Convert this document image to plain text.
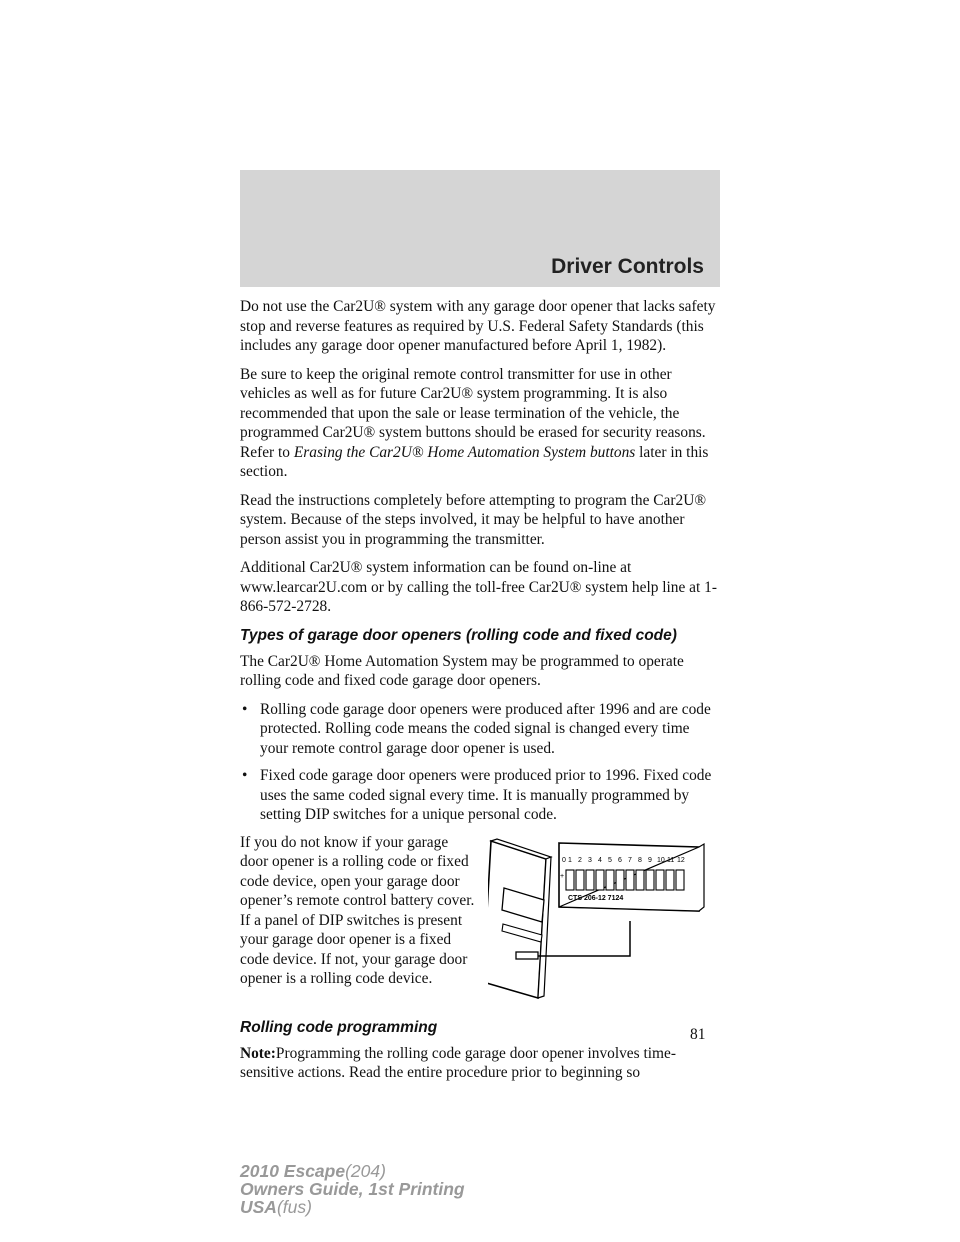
Driver Controls

Do not use the Car2U® system with any garage door opener that lacks safety stop and reverse features as required by U.S. Federal Safety Standards (this includes any garage door opener manufactured before April 1, 1982).

Be sure to keep the original remote control transmitter for use in other vehicles as well as for future Car2U® system programming. It is also recommended that upon the sale or lease termination of the vehicle, the programmed Car2U® system buttons should be erased for security reasons. Refer to Erasing the Car2U® Home Automation System buttons later in this section.

Read the instructions completely before attempting to program the Car2U® system. Because of the steps involved, it may be helpful to have another person assist you in programming the transmitter.

Additional Car2U® system information can be found on-line at www.learcar2U.com or by calling the toll-free Car2U® system help line at 1-866-572-2728.

Types of garage door openers (rolling code and fixed code)

The Car2U® Home Automation System may be programmed to operate rolling code and fixed code garage door openers.

• Rolling code garage door openers were produced after 1996 and are code protected. Rolling code means the coded signal is changed every time your remote control garage door opener is used.
• Fixed code garage door openers were produced prior to 1996. Fixed code uses the same coded signal every time. It is manually programmed by setting DIP switches for a unique personal code.
If you do not know if your garage door opener is a rolling code or fixed code device, open your garage door opener’s remote control battery cover. If a panel of DIP switches is present your garage door opener is a fixed code device. If not, your garage door opener is a rolling code device.
0 1 2 3 4 5 6 7 8 9 10 11 12
+
CTS 206-12 7124
Rolling code programming

Note:Programming the rolling code garage door opener involves time-sensitive actions. Read the entire procedure prior to beginning so

81
2010 Escape(204)
Owners Guide, 1st Printing
USA(fus)
